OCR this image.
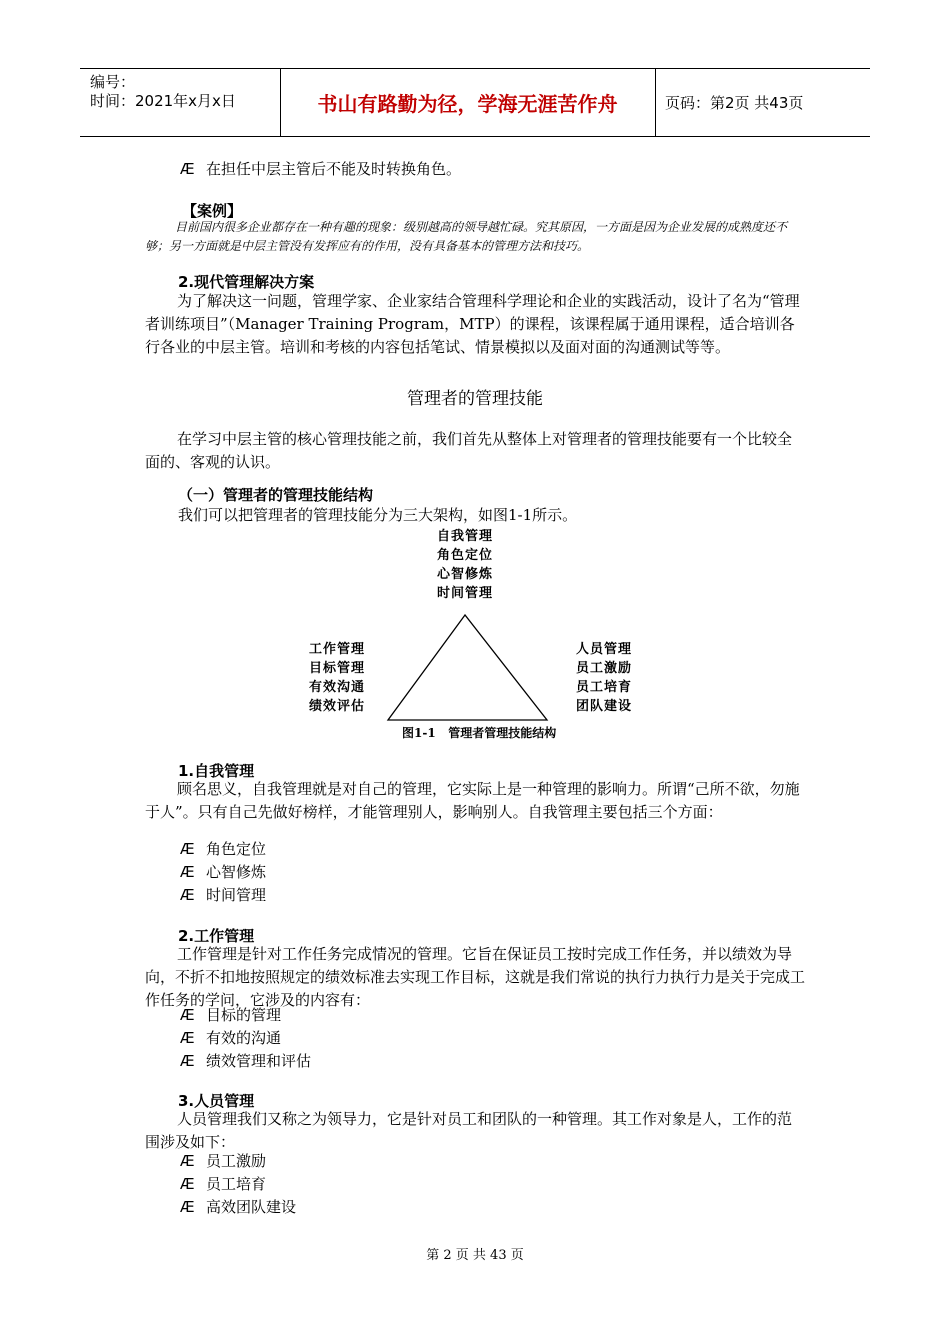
编号：
时间：2021年x月x日	书山有路勤为径，学海无涯苦作舟	页码：第2页 共43页
Æ 在担任中层主管后不能及时转换角色。
【案例】
目前国内很多企业都存在一种有趣的现象：级别越高的领导越忙碌。究其原因，一方面是因为企业发展的成熟度还不够；另一方面就是中层主管没有发挥应有的作用，没有具备基本的管理方法和技巧。
2.现代管理解决方案
为了解决这一问题，管理学家、企业家结合管理科学理论和企业的实践活动，设计了名为“管理者训练项目”（Manager Training Program，MTP）的课程，该课程属于通用课程，适合培训各行各业的中层主管。培训和考核的内容包括笔试、情景模拟以及面对面的沟通测试等等。
管理者的管理技能
在学习中层主管的核心管理技能之前，我们首先从整体上对管理者的管理技能要有一个比较全面的、客观的认识。
（一）管理者的管理技能结构
我们可以把管理者的管理技能分为三大架构，如图1-1所示。
自我管理
角色定位
心智修炼
时间管理
工作管理
目标管理
有效沟通
绩效评估
人员管理
员工激励
员工培育
团队建设
图1-1   管理者管理技能结构
1.自我管理
顾名思义，自我管理就是对自己的管理，它实际上是一种管理的影响力。所谓“己所不欲，勿施于人”。只有自己先做好榜样，才能管理别人，影响别人。自我管理主要包括三个方面：
Æ 角色定位
Æ 心智修炼
Æ 时间管理
2.工作管理
工作管理是针对工作任务完成情况的管理。它旨在保证员工按时完成工作任务，并以绩效为导向，不折不扣地按照规定的绩效标准去实现工作目标，这就是我们常说的执行力执行力是关于完成工作任务的学问，它涉及的内容有：
Æ 目标的管理
Æ 有效的沟通
Æ 绩效管理和评估
3.人员管理
人员管理我们又称之为领导力，它是针对员工和团队的一种管理。其工作对象是人，工作的范围涉及如下：
Æ 员工激励
Æ 员工培育
Æ 高效团队建设
第 2 页 共 43 页
